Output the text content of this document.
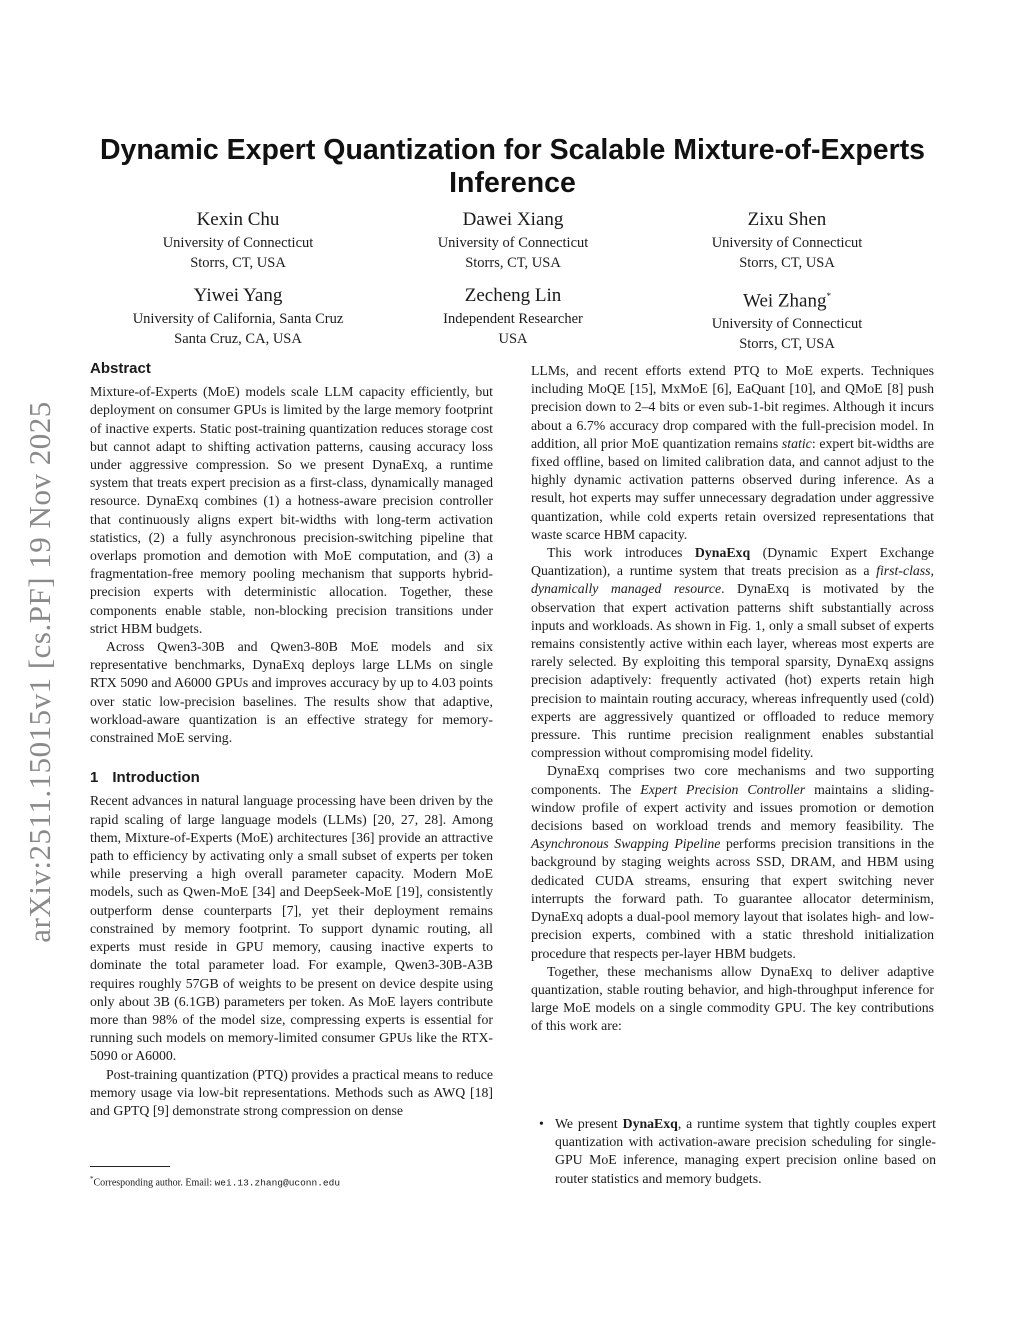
arXiv:2511.15015v1 [cs.PF] 19 Nov 2025
Dynamic Expert Quantization for Scalable Mixture-of-Experts Inference
Kexin Chu
University of Connecticut
Storrs, CT, USA
Dawei Xiang
University of Connecticut
Storrs, CT, USA
Zixu Shen
University of Connecticut
Storrs, CT, USA
Yiwei Yang
University of California, Santa Cruz
Santa Cruz, CA, USA
Zecheng Lin
Independent Researcher
USA
Wei Zhang*
University of Connecticut
Storrs, CT, USA
Abstract

Mixture-of-Experts (MoE) models scale LLM capacity efficiently, but deployment on consumer GPUs is limited by the large memory footprint of inactive experts. Static post-training quantization reduces storage cost but cannot adapt to shifting activation patterns, causing accuracy loss under aggressive compression. So we present DynaExq, a runtime system that treats expert precision as a first-class, dynamically managed resource. DynaExq combines (1) a hotness-aware precision controller that continuously aligns expert bit-widths with long-term activation statistics, (2) a fully asynchronous precision-switching pipeline that overlaps promotion and demotion with MoE computation, and (3) a fragmentation-free memory pooling mechanism that supports hybrid-precision experts with deterministic allocation. Together, these components enable stable, non-blocking precision transitions under strict HBM budgets.

Across Qwen3-30B and Qwen3-80B MoE models and six representative benchmarks, DynaExq deploys large LLMs on single RTX 5090 and A6000 GPUs and improves accuracy by up to 4.03 points over static low-precision baselines. The results show that adaptive, workload-aware quantization is an effective strategy for memory-constrained MoE serving.

1 Introduction

Recent advances in natural language processing have been driven by the rapid scaling of large language models (LLMs) [20, 27, 28]. Among them, Mixture-of-Experts (MoE) architectures [36] provide an attractive path to efficiency by activating only a small subset of experts per token while preserving a high overall parameter capacity. Modern MoE models, such as Qwen-MoE [34] and DeepSeek-MoE [19], consistently outperform dense counterparts [7], yet their deployment remains constrained by memory footprint. To support dynamic routing, all experts must reside in GPU memory, causing inactive experts to dominate the total parameter load. For example, Qwen3-30B-A3B requires roughly 57GB of weights to be present on device despite using only about 3B (6.1GB) parameters per token. As MoE layers contribute more than 98% of the model size, compressing experts is essential for running such models on memory-limited consumer GPUs like the RTX-5090 or A6000.

Post-training quantization (PTQ) provides a practical means to reduce memory usage via low-bit representations. Methods such as AWQ [18] and GPTQ [9] demonstrate strong compression on dense

LLMs, and recent efforts extend PTQ to MoE experts. Techniques including MoQE [15], MxMoE [6], EaQuant [10], and QMoE [8] push precision down to 2–4 bits or even sub-1-bit regimes. Although it incurs about a 6.7% accuracy drop compared with the full-precision model. In addition, all prior MoE quantization remains static: expert bit-widths are fixed offline, based on limited calibration data, and cannot adjust to the highly dynamic activation patterns observed during inference. As a result, hot experts may suffer unnecessary degradation under aggressive quantization, while cold experts retain oversized representations that waste scarce HBM capacity.

This work introduces DynaExq (Dynamic Expert Exchange Quantization), a runtime system that treats precision as a first-class, dynamically managed resource. DynaExq is motivated by the observation that expert activation patterns shift substantially across inputs and workloads. As shown in Fig. 1, only a small subset of experts remains consistently active within each layer, whereas most experts are rarely selected. By exploiting this temporal sparsity, DynaExq assigns precision adaptively: frequently activated (hot) experts retain high precision to maintain routing accuracy, whereas infrequently used (cold) experts are aggressively quantized or offloaded to reduce memory pressure. This runtime precision realignment enables substantial compression without compromising model fidelity.

DynaExq comprises two core mechanisms and two supporting components. The Expert Precision Controller maintains a sliding-window profile of expert activity and issues promotion or demotion decisions based on workload trends and memory feasibility. The Asynchronous Swapping Pipeline performs precision transitions in the background by staging weights across SSD, DRAM, and HBM using dedicated CUDA streams, ensuring that expert switching never interrupts the forward path. To guarantee allocator determinism, DynaExq adopts a dual-pool memory layout that isolates high- and low-precision experts, combined with a static threshold initialization procedure that respects per-layer HBM budgets.

Together, these mechanisms allow DynaExq to deliver adaptive quantization, stable routing behavior, and high-throughput inference for large MoE models on a single commodity GPU. The key contributions of this work are:

• We present DynaExq, a runtime system that tightly couples expert quantization with activation-aware precision scheduling for single-GPU MoE inference, managing expert precision online based on router statistics and memory budgets.
*Corresponding author. Email: wei.13.zhang@uconn.edu
